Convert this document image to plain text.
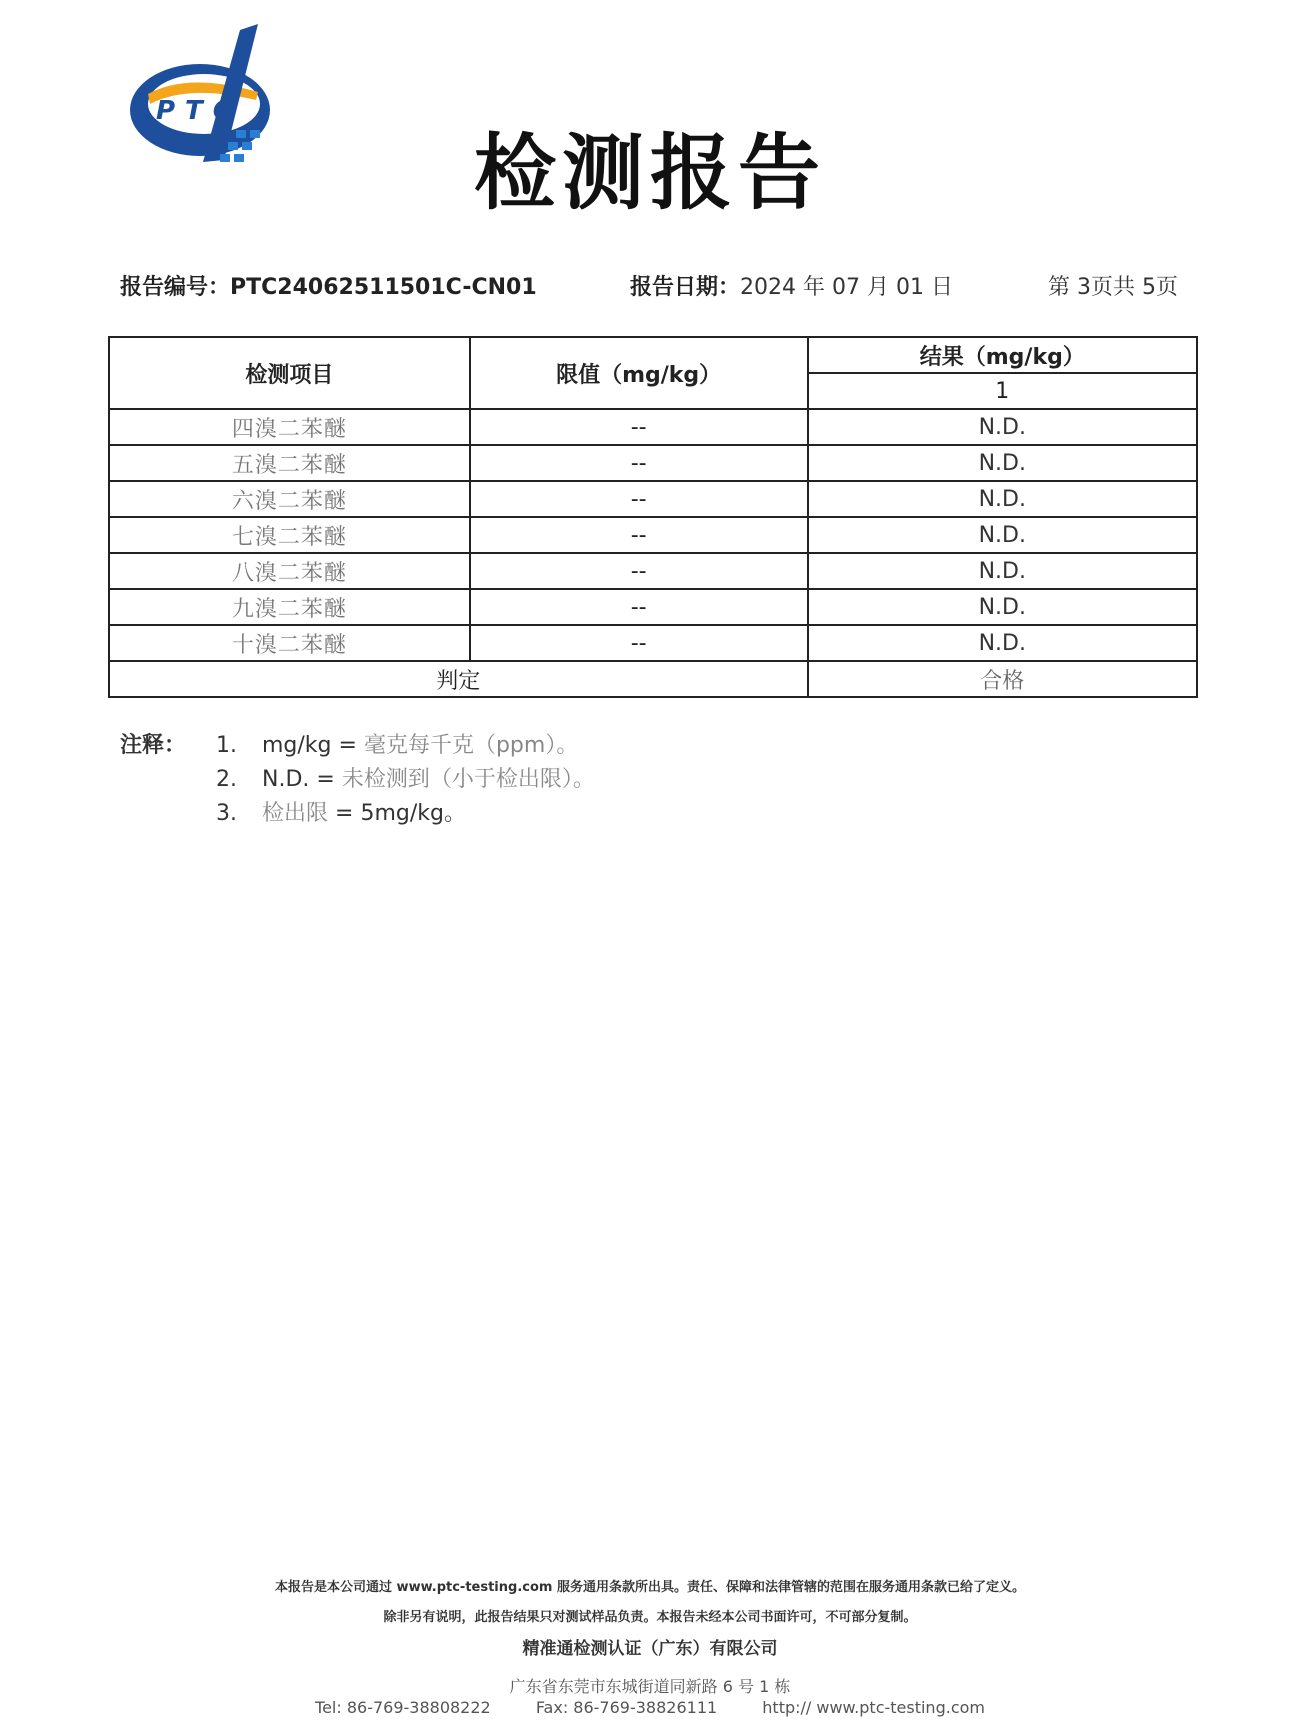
PTC
检测报告
报告编号：PTC24062511501C-CN01	报告日期：2024 年 07 月 01 日	第 3页共 5页
检测项目	限值（mg/kg）	结果（mg/kg）
		1
四溴二苯醚	--	N.D.
五溴二苯醚	--	N.D.
六溴二苯醚	--	N.D.
七溴二苯醚	--	N.D.
八溴二苯醚	--	N.D.
九溴二苯醚	--	N.D.
十溴二苯醚	--	N.D.
判定		合格
注释： 1. mg/kg = 毫克每千克（ppm）。
2. N.D. = 未检测到（小于检出限）。
3. 检出限 = 5mg/kg。
本报告是本公司通过 www.ptc-testing.com 服务通用条款所出具。责任、保障和法律管辖的范围在服务通用条款已给了定义。
除非另有说明，此报告结果只对测试样品负责。本报告未经本公司书面许可，不可部分复制。
精准通检测认证（广东）有限公司
广东省东莞市东城街道同新路 6 号 1 栋
Tel: 86-769-38808222	Fax: 86-769-38826111	http:// www.ptc-testing.com
